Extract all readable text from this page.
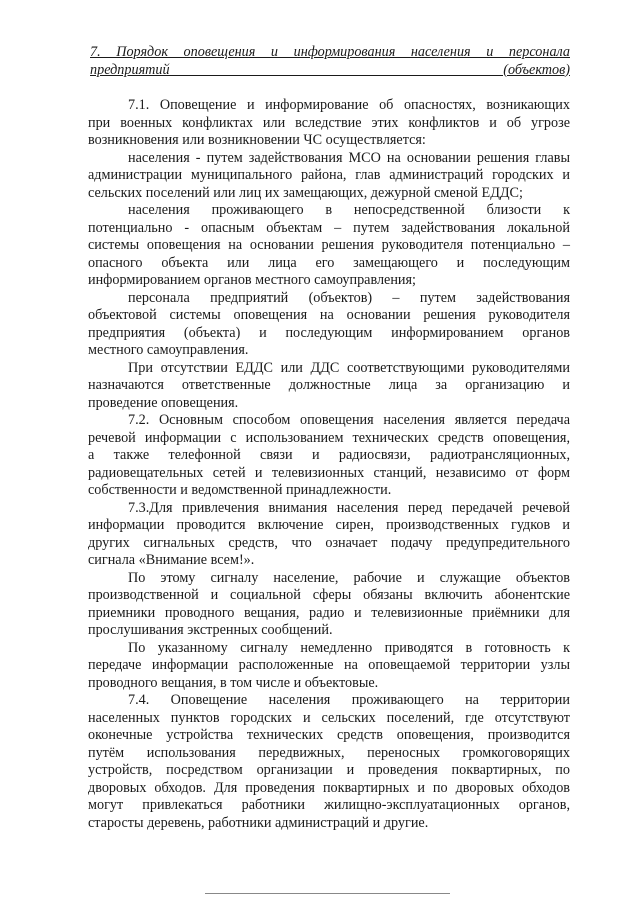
7. Порядок оповещения и информирования населения и персонала
предприятий (объектов)
7.1. Оповещение и информирование об опасностях, возникающих
при военных конфликтах или вследствие этих конфликтов и об угрозе
возникновения или возникновении ЧС осуществляется:
населения - путем задействования МСО на основании решения главы
администрации муниципального района, глав администраций городских и
сельских поселений или лиц их замещающих, дежурной сменой ЕДДС;
населения проживающего в непосредственной близости к
потенциально - опасным объектам – путем задействования локальной
системы оповещения на основании решения руководителя потенциально –
опасного объекта или лица его замещающего и последующим
информированием органов местного самоуправления;
персонала предприятий (объектов) – путем задействования
объектовой системы оповещения на основании решения руководителя
предприятия (объекта) и последующим информированием органов
местного самоуправления.
При отсутствии ЕДДС или ДДС соответствующими руководителями
назначаются ответственные должностные лица за организацию и
проведение оповещения.
7.2. Основным способом оповещения населения является передача
речевой информации с использованием технических средств оповещения,
а также телефонной связи и радиосвязи, радиотрансляционных,
радиовещательных сетей и телевизионных станций, независимо от форм
собственности и ведомственной принадлежности.
7.3.Для привлечения внимания населения перед передачей речевой
информации проводится включение сирен, производственных гудков и
других сигнальных средств, что означает подачу предупредительного
сигнала «Внимание всем!».
По этому сигналу население, рабочие и служащие объектов
производственной и социальной сферы обязаны включить абонентские
приемники проводного вещания, радио и телевизионные приёмники для
прослушивания экстренных сообщений.
По указанному сигналу немедленно приводятся в готовность к
передаче информации расположенные на оповещаемой территории узлы
проводного вещания, в том числе и объектовые.
7.4. Оповещение населения проживающего на территории
населенных пунктов городских и сельских поселений, где отсутствуют
оконечные устройства технических средств оповещения, производится
путём использования передвижных, переносных громкоговорящих
устройств, посредством организации и проведения поквартирных, по
дворовых обходов. Для проведения поквартирных и по дворовых обходов
могут привлекаться работники жилищно-эксплуатационных органов,
старосты деревень, работники администраций и другие.
